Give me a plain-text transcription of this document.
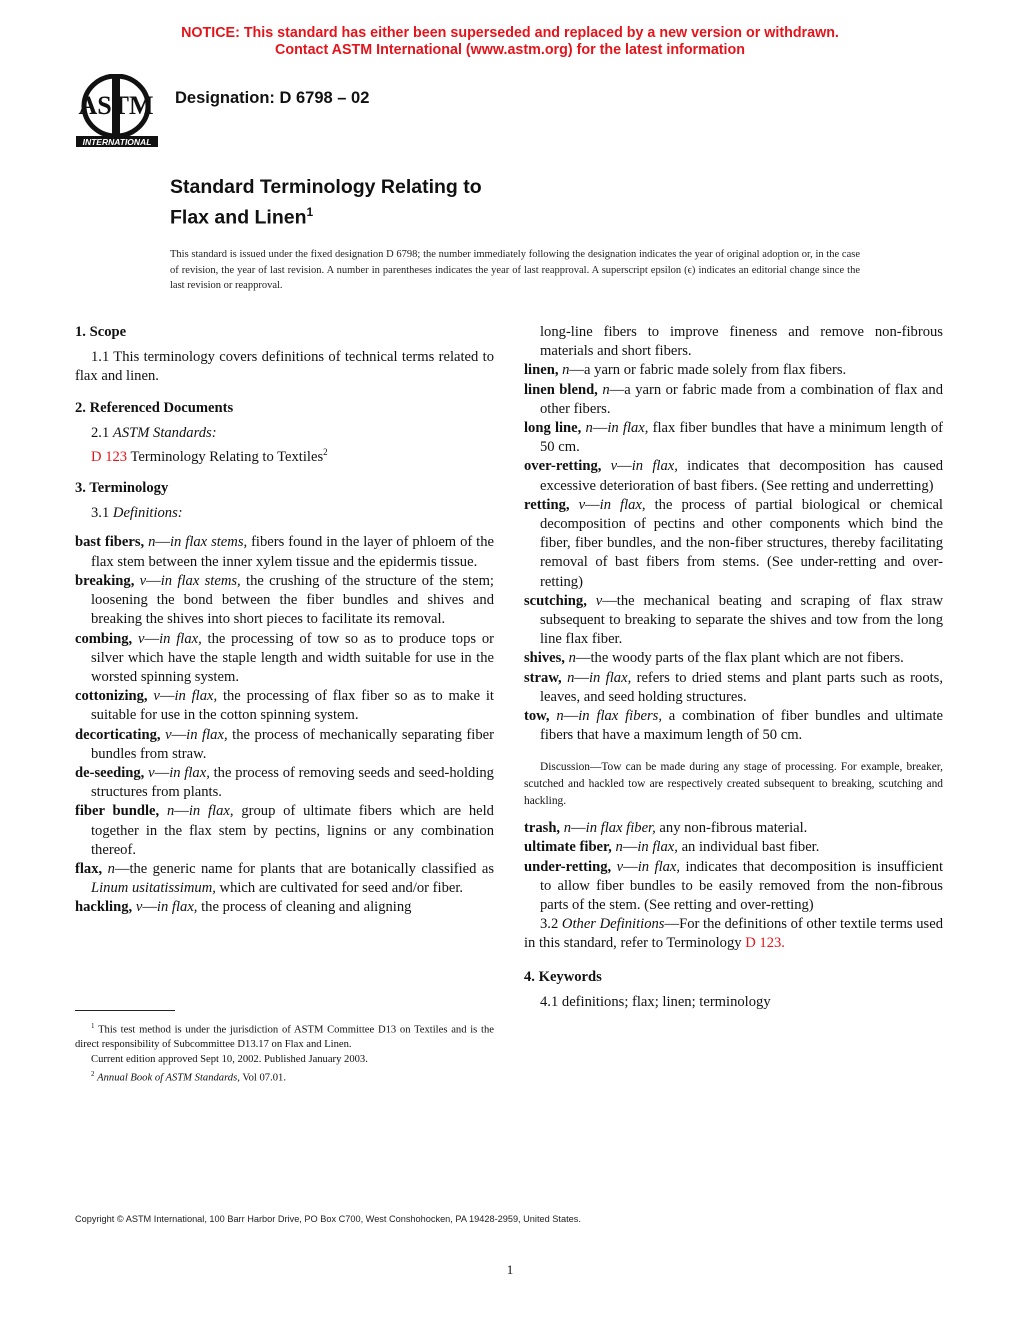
NOTICE: This standard has either been superseded and replaced by a new version or withdrawn.
Contact ASTM International (www.astm.org) for the latest information
ASTM
INTERNATIONAL
Designation: D 6798 – 02
Standard Terminology Relating to
Flax and Linen$^1$
This standard is issued under the fixed designation D 6798; the number immediately following the designation indicates the year of original adoption or, in the case of revision, the year of last revision. A number in parentheses indicates the year of last reapproval. A superscript epsilon (ϵ) indicates an editorial change since the last revision or reapproval.

1. Scope

1.1 This terminology covers definitions of technical terms related to flax and linen.

2. Referenced Documents

2.1 ASTM Standards:

D 123 Terminology Relating to Textiles$^2$

3. Terminology

3.1 Definitions:

bast fibers, n—in flax stems, fibers found in the layer of phloem of the flax stem between the inner xylem tissue and the epidermis tissue.

breaking, v—in flax stems, the crushing of the structure of the stem; loosening the bond between the fiber bundles and shives and breaking the shives into short pieces to facilitate its removal.

combing, v—in flax, the processing of tow so as to produce tops or silver which have the staple length and width suitable for use in the worsted spinning system.

cottonizing, v—in flax, the processing of flax fiber so as to make it suitable for use in the cotton spinning system.

decorticating, v—in flax, the process of mechanically separating fiber bundles from straw.

de-seeding, v—in flax, the process of removing seeds and seed-holding structures from plants.

fiber bundle, n—in flax, group of ultimate fibers which are held together in the flax stem by pectins, lignins or any combination thereof.

flax, n—the generic name for plants that are botanically classified as Linum usitatissimum, which are cultivated for seed and/or fiber.

hackling, v—in flax, the process of cleaning and aligning

long-line fibers to improve fineness and remove non-fibrous materials and short fibers.

linen, n—a yarn or fabric made solely from flax fibers.

linen blend, n—a yarn or fabric made from a combination of flax and other fibers.

long line, n—in flax, flax fiber bundles that have a minimum length of 50 cm.

over-retting, v—in flax, indicates that decomposition has caused excessive deterioration of bast fibers. (See retting and underretting)

retting, v—in flax, the process of partial biological or chemical decomposition of pectins and other components which bind the fiber, fiber bundles, and the non-fiber structures, thereby facilitating removal of bast fibers from stems. (See under-retting and over-retting)

scutching, v—the mechanical beating and scraping of flax straw subsequent to breaking to separate the shives and tow from the long line flax fiber.

shives, n—the woody parts of the flax plant which are not fibers.

straw, n—in flax, refers to dried stems and plant parts such as roots, leaves, and seed holding structures.

tow, n—in flax fibers, a combination of fiber bundles and ultimate fibers that have a maximum length of 50 cm.

Discussion—Tow can be made during any stage of processing. For example, breaker, scutched and hackled tow are respectively created subsequent to breaking, scutching and hackling.

trash, n—in flax fiber, any non-fibrous material.

ultimate fiber, n—in flax, an individual bast fiber.

under-retting, v—in flax, indicates that decomposition is insufficient to allow fiber bundles to be easily removed from the non-fibrous parts of the stem. (See retting and over-retting)

3.2 Other Definitions—For the definitions of other textile terms used in this standard, refer to Terminology D 123.

4. Keywords

4.1 definitions; flax; linen; terminology

$^1$ This test method is under the jurisdiction of ASTM Committee D13 on Textiles and is the direct responsibility of Subcommittee D13.17 on Flax and Linen.

Current edition approved Sept 10, 2002. Published January 2003.

$^2$ Annual Book of ASTM Standards, Vol 07.01.

Copyright © ASTM International, 100 Barr Harbor Drive, PO Box C700, West Conshohocken, PA 19428-2959, United States.
1
